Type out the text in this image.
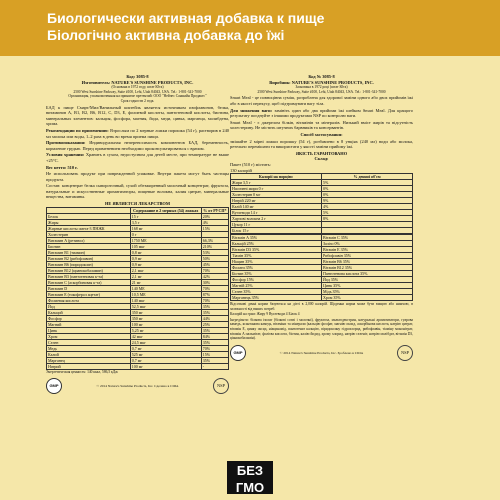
Биологически активная добавка к пище
Біологічно активна добавка до їжі
Код: 3085-8
Изготовитель: NATURE'S SUNSHINE PRODUCTS, INC.
(Основана в 1972 году, штат Юта)
2500 West Sunshine Parkway, Suite #100, Lehi, Utah 84043, USA. Tel.: 1-801-341-7000
Организация, уполномоченная на принятие претензий: ООО "Нейчес Саншайн Продактс"
Срок годности 2 года.
БАД к пище Смарт/Мил/Ванильный коктейль является источником изофлавонов, белка, витаминов А, В1, В2, В6, В12, С, D3, Е, фолиевой кислоты, пантотеновой кислоты, биотина, минеральных элементов: кальция, фосфора, магния, йода, меди, цинка, марганца, молибдена, хрома.
Рекомендации по применению: Взрослым по 2 мерные ложки порошка (54 г), растворив в 240 мл молока или воды, 1–2 раза в день во время приема пищи.
Противопоказания: Индивидуальная непереносимость компонентов БАД, беременность, кормление грудью. Перед применением необходимо проконсультироваться с врачом.
Условия хранения: Хранить в сухом, недоступном для детей месте, при температуре не выше +25°С.
Вес нетто: 510 г.
Не использовать продукт при поврежденной упаковке. Внутри пакета могут быть частицы продукта.
Состав: концентрат белка сывороточный, сухой обезжиренный молочный концентрат, фруктоза, натуральные и искусственные ароматизаторы, пищевые волокна, калия цитрат, минеральные вещества, витамины.
НЕ ЯВЛЯЕТСЯ ЛЕКАРСТВОМ
	Содержание в 2 мерных (54) ложках	% от РУСП*
Белок	15 г	20%
Жиры	3,5 г	4%
Жирные кислоты омега-3 ПНЖК	168 мг	15%
Холестерин	0 г	
Витамин А (ретинол)	1750 МЕ	66,3%
Биотин	105 мкг	210%
Витамин B1 (тиамин)	0,8 мг	53%
Витамин B2 (рибофлавин)	0,9 мг	50%
Витамин B6 (пиридоксин)	0,9 мг	45%
Витамин B12 (цианокобаламин)	2,1 мкг	70%
Витамин B3 (пантотеновая к-та)	2,1 мг	42%
Витамин С (аскорбиновая к-та)	21 мг	30%
Витамин D	140 МЕ	70%
Витамин Е (токоферол ацетат)	10,5 МЕ	87%
Фолиевая кислота	140 мкг	70%
Йод	52,5 мкг	35%
Кальций	350 мг	35%
Фосфор	350 мг	44%
Магний	100 мг	25%
Цинк	5,25 мг	35%
Хром	42 мкг	84%
Селен	24,5 мкг	35%
Медь	0,7 мг	70%
Калий	525 мг	15%
Марганец	0,7 мг	35%
Натрий	100 мг	-
Энергетическая ценность: 140 ккал, 586,5 кДж
GMP	© 2014 Nature's Sunshine Products, Inc. Сделано в США	NSP
Код № 3085-8
Виробник: NATURE'S SUNSHINE PRODUCTS, INC.
Заснована в 1972 році (штат Юта)
2500 West Sunshine Parkway, Suite #100, Lehi, Utah 84043, USA. Tel.: 1-801-341-7000
Smart Meal - це повноцінна суміш, розроблена для здорової заміни одного або двох прийомів їжі або в якості перекусу, щоб підтримувати вагу тіла.
Для зниження ваги: замініть один або два прийоми їжі шейком Smart Meal. Для кращого результату поєднуйте з іншими продуктами NSP по контролю ваги.
Smart Meal - є джерелом білків, вітамінів та мінералів. Низький вміст жирів та відсутність холестерину. Не містить штучних барвників та консервантів.
Спосіб застосування:
змішайте 2 мірні ложки порошку (54 г), розбавлено в 8 унціях (240 мл) води або молока, ретельно перемішати та використати у якості заміни прийому їжі.
ЯКІСТЬ ГАРАНТОВАНО
Склад:
Пакет (510 г) містить:
130 калорій
Калорії на порцію:	% денної об'єм
Жири 3,5 г	5%
Насичені жири 0 г	0%
Холестерин 0 мг	0%
Натрій 220 мг	9%
Калій 140 мг	4%
Вуглеводи 14 г	5%
Харчові волокна 2 г	8%
Цукор 11 г	
Білок 15 г	
Вітамін A 35%	Вітамін C 35%
Кальцій 25%	Залізо 0%
Вітамін D3 35%	Вітамін E 35%
Тіамін 35%	Рибофлавін 35%
Ніацин 35%	Вітамін B6 35%
Фолати 35%	Вітамін B12 35%
Біотин 35%	Пантотенова кислота 35%
Фосфор 15%	Йод 35%
Магній 25%	Цинк 35%
Селен 35%	Мідь 35%
Марганець 35%	Хром 35%
Відсоткові денні норми базуються на дієті в 2,000 калорій. Щоденна норма може бути вищою або нижчою, в залежності від ваших потреб.
Калорій на грам: Жиру 9 Вуглеводи 4 Білок 4
Інгредієнти: білкова ізолят (білкові соєві і молочні), фруктоза, мальтодекстрин, натуральні ароматизатори, гуарова камедь, ксантанова камедь, вітаміни та мінерали (кальцію фосфат, магнію оксид, аскорбінова кислота, натрію цитрат, вітамін Е, цинку оксид, ніацинамід, пантотенат кальцію, піридоксину гідрохлорид, рибофлавін, тіаміну мононітрат, вітамін А пальмітат, фолієва кислота, біотин, калію йодид, хрому хлорид, натрію селеніт, натрію молібдат, вітамін D3, ціанокобаламін).
GMP	© 2014 Nature's Sunshine Products, Inc. Зроблено в США	NSP
БЕЗ
ГМО
